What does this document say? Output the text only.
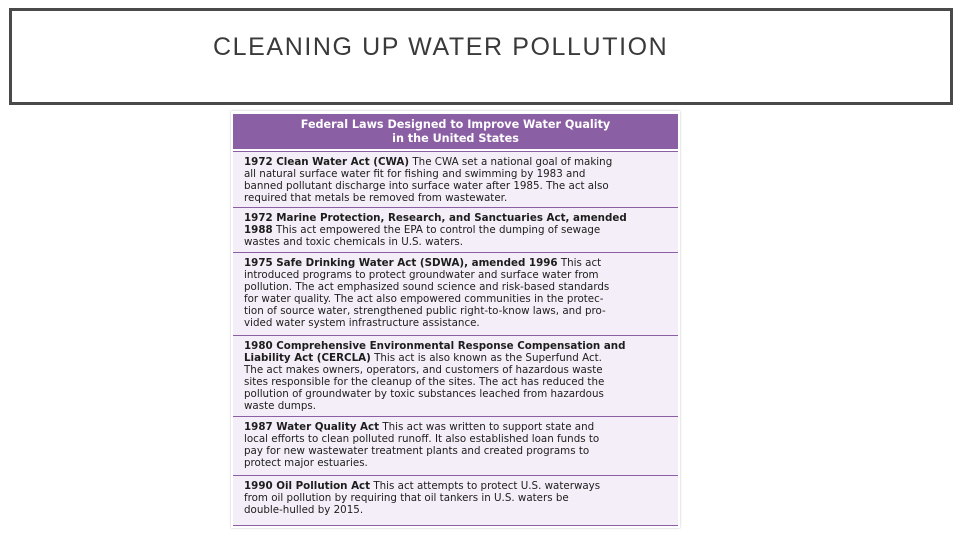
CLEANING UP WATER POLLUTION
Federal Laws Designed to Improve Water Quality
in the United States
1972 Clean Water Act (CWA) The CWA set a national goal of making
all natural surface water fit for fishing and swimming by 1983 and
banned pollutant discharge into surface water after 1985. The act also
required that metals be removed from wastewater.
1972 Marine Protection, Research, and Sanctuaries Act, amended
1988 This act empowered the EPA to control the dumping of sewage
wastes and toxic chemicals in U.S. waters.
1975 Safe Drinking Water Act (SDWA), amended 1996 This act
introduced programs to protect groundwater and surface water from
pollution. The act emphasized sound science and risk-based standards
for water quality. The act also empowered communities in the protec-
tion of source water, strengthened public right-to-know laws, and pro-
vided water system infrastructure assistance.
1980 Comprehensive Environmental Response Compensation and
Liability Act (CERCLA) This act is also known as the Superfund Act.
The act makes owners, operators, and customers of hazardous waste
sites responsible for the cleanup of the sites. The act has reduced the
pollution of groundwater by toxic substances leached from hazardous
waste dumps.
1987 Water Quality Act This act was written to support state and
local efforts to clean polluted runoff. It also established loan funds to
pay for new wastewater treatment plants and created programs to
protect major estuaries.
1990 Oil Pollution Act This act attempts to protect U.S. waterways
from oil pollution by requiring that oil tankers in U.S. waters be
double-hulled by 2015.
